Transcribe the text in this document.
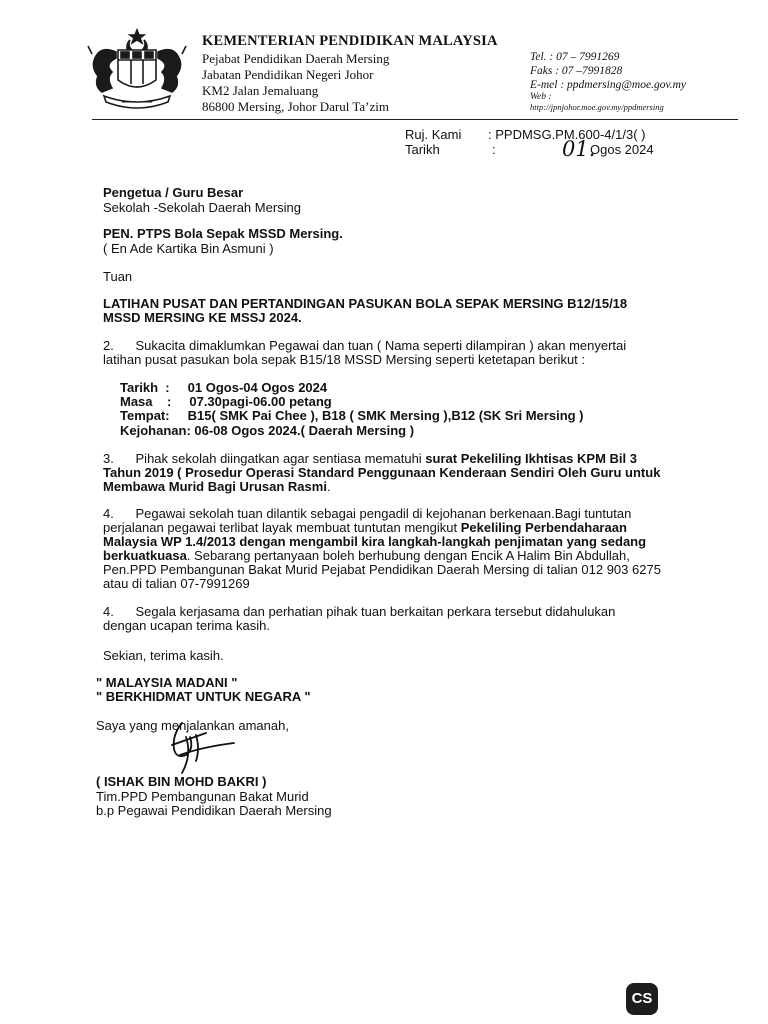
KEMENTERIAN PENDIDIKAN MALAYSIA
Pejabat Pendidikan Daerah Mersing
Jabatan Pendidikan Negeri Johor
KM2 Jalan Jemaluang
86800 Mersing, Johor Darul Ta’zim
Tel. : 07 – 7991269
Faks : 07 –7991828
E-mel : ppdmersing@moe.gov.my
Web :
http://jpnjohor.moe.gov.my/ppdmersing
Ruj. Kami : PPDMSG.PM.600-4/1/3( )
Tarikh	:	01.
Ogos 2024
Pengetua / Guru Besar
Sekolah -Sekolah Daerah Mersing
PEN. PTPS Bola Sepak MSSD Mersing.
( En Ade Kartika Bin Asmuni )
Tuan
LATIHAN PUSAT DAN PERTANDINGAN PASUKAN BOLA SEPAK MERSING B12/15/18
MSSD MERSING KE MSSJ 2024.
2.      Sukacita dimaklumkan Pegawai dan tuan ( Nama seperti dilampiran ) akan menyertai
latihan pusat pasukan bola sepak B15/18 MSSD Mersing seperti ketetapan berikut :
Tarikh  :     01 Ogos-04 Ogos 2024
Masa    :     07.30pagi-06.00 petang
Tempat:     B15( SMK Pai Chee ), B18 ( SMK Mersing ),B12 (SK Sri Mersing )
Kejohanan: 06-08 Ogos 2024.( Daerah Mersing )
3.      Pihak sekolah diingatkan agar sentiasa mematuhi surat Pekeliling Ikhtisas KPM Bil 3
Tahun 2019 ( Prosedur Operasi Standard Penggunaan Kenderaan Sendiri Oleh Guru untuk
Membawa Murid Bagi Urusan Rasmi.
4.      Pegawai sekolah tuan dilantik sebagai pengadil di kejohanan berkenaan.Bagi tuntutan
perjalanan pegawai terlibat layak membuat tuntutan mengikut Pekeliling Perbendaharaan
Malaysia WP 1.4/2013 dengan mengambil kira langkah-langkah penjimatan yang sedang
berkuatkuasa. Sebarang pertanyaan boleh berhubung dengan Encik A Halim Bin Abdullah,
Pen.PPD Pembangunan Bakat Murid Pejabat Pendidikan Daerah Mersing di talian 012 903 6275
atau di talian 07-7991269
4.      Segala kerjasama dan perhatian pihak tuan berkaitan perkara tersebut didahulukan
dengan ucapan terima kasih.
Sekian, terima kasih.
" MALAYSIA MADANI "
" BERKHIDMAT UNTUK NEGARA "
Saya yang menjalankan amanah,
( ISHAK BIN MOHD BAKRI )
Tim.PPD Pembangunan Bakat Murid
b.p Pegawai Pendidikan Daerah Mersing
CS
